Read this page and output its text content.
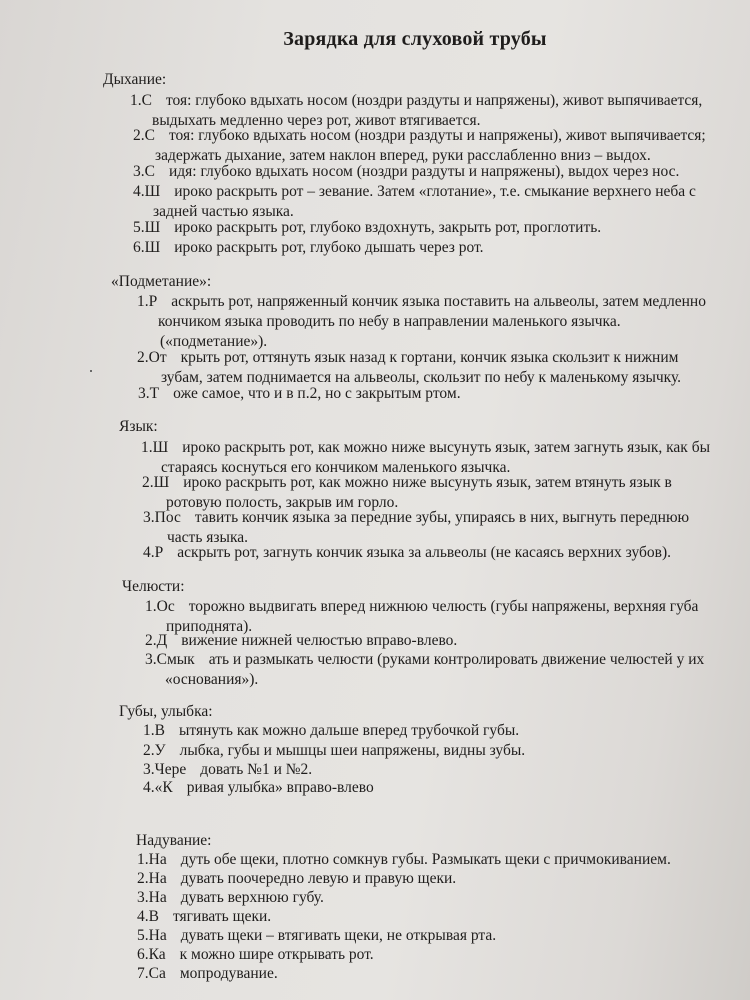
Зарядка для слуховой трубы
Дыхание:
1.С тоя: глубоко вдыхать носом (ноздри раздуты и напряжены), живот выпячивается,
выдыхать медленно через рот, живот втягивается.
2.С тоя: глубоко вдыхать носом (ноздри раздуты и напряжены), живот выпячивается;
задержать дыхание, затем наклон вперед, руки расслабленно вниз – выдох.
3.С идя: глубоко вдыхать носом (ноздри раздуты и напряжены), выдох через нос.
4.Ш ироко раскрыть рот – зевание. Затем «глотание», т.е. смыкание верхнего неба с
задней частью языка.
5.Ш ироко раскрыть рот, глубоко вздохнуть, закрыть рот, проглотить.
6.Ш ироко раскрыть рот, глубоко дышать через рот.
«Подметание»:
1.Р аскрыть рот, напряженный кончик языка поставить на альвеолы, затем медленно
кончиком языка проводить по небу в направлении маленького язычка.
(«подметание»).
2.От крыть рот, оттянуть язык назад к гортани, кончик языка скользит к нижним
зубам, затем поднимается на альвеолы, скользит по небу к маленькому язычку.
3.Т оже самое, что и в п.2, но с закрытым ртом.
Язык:
1.Ш ироко раскрыть рот, как можно ниже высунуть язык, затем загнуть язык, как бы
стараясь коснуться его кончиком маленького язычка.
2.Ш ироко раскрыть рот, как можно ниже высунуть язык, затем втянуть язык в
ротовую полость, закрыв им горло.
3.Пос тавить кончик языка за передние зубы, упираясь в них, выгнуть переднюю
часть языка.
4.Р аскрыть рот, загнуть кончик языка за альвеолы (не касаясь верхних зубов).
Челюсти:
1.Ос торожно выдвигать вперед нижнюю челюсть (губы напряжены, верхняя губа
приподнята).
2.Д вижение нижней челюстью вправо-влево.
3.Смык ать и размыкать челюсти (руками контролировать движение челюстей у их
«основания»).
Губы, улыбка:
1.В ытянуть как можно дальше вперед трубочкой губы.
2.У лыбка, губы и мышцы шеи напряжены, видны зубы.
3.Чере довать №1 и №2.
4.«К ривая улыбка» вправо-влево
Надувание:
1.На дуть обе щеки, плотно сомкнув губы. Размыкать щеки с причмокиванием.
2.На дувать поочередно левую и правую щеки.
3.На дувать верхнюю губу.
4.В тягивать щеки.
5.На дувать щеки – втягивать щеки, не открывая рта.
6.Ка к можно шире открывать рот.
7.Са мопродувание.
